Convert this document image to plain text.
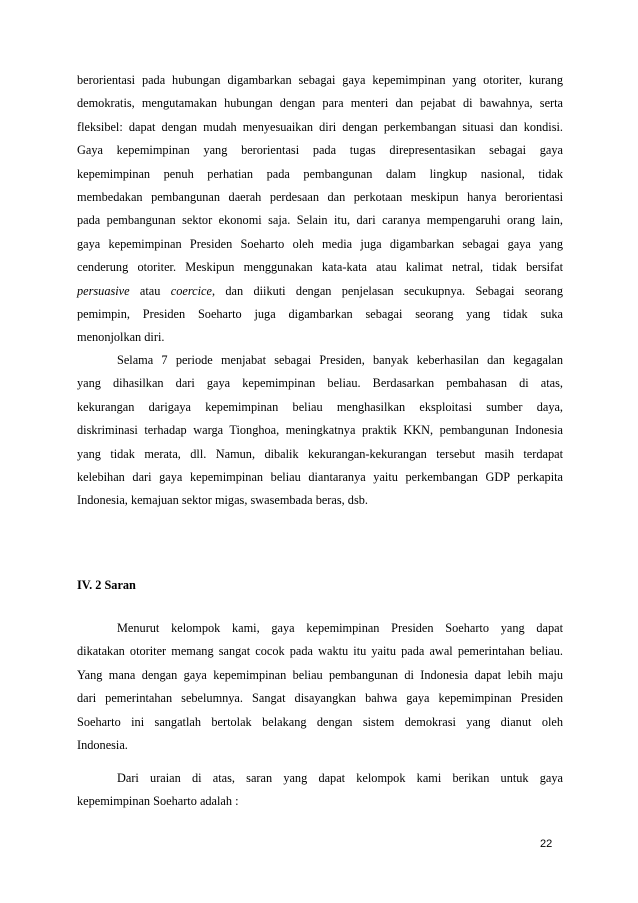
berorientasi pada hubungan digambarkan sebagai gaya kepemimpinan yang otoriter, kurang
demokratis, mengutamakan hubungan dengan para menteri dan pejabat di bawahnya, serta
fleksibel: dapat dengan mudah menyesuaikan diri dengan perkembangan situasi dan kondisi.
Gaya kepemimpinan yang berorientasi pada tugas direpresentasikan sebagai gaya
kepemimpinan penuh perhatian pada pembangunan dalam lingkup nasional, tidak
membedakan pembangunan daerah perdesaan dan perkotaan meskipun hanya berorientasi
pada pembangunan sektor ekonomi saja. Selain itu, dari caranya mempengaruhi orang lain,
gaya kepemimpinan Presiden Soeharto oleh media juga digambarkan sebagai gaya yang
cenderung otoriter. Meskipun menggunakan kata-kata atau kalimat netral, tidak bersifat
persuasive atau coercice, dan diikuti dengan penjelasan secukupnya. Sebagai seorang
pemimpin, Presiden Soeharto juga digambarkan sebagai seorang yang tidak suka
menonjolkan diri.
Selama 7 periode menjabat sebagai Presiden, banyak keberhasilan dan kegagalan
yang dihasilkan dari gaya kepemimpinan beliau. Berdasarkan pembahasan di atas,
kekurangan darigaya kepemimpinan beliau menghasilkan eksploitasi sumber daya,
diskriminasi terhadap warga Tionghoa, meningkatnya praktik KKN, pembangunan Indonesia
yang tidak merata, dll. Namun, dibalik kekurangan-kekurangan tersebut masih terdapat
kelebihan dari gaya kepemimpinan beliau diantaranya yaitu perkembangan GDP perkapita
Indonesia, kemajuan sektor migas, swasembada beras, dsb.
IV. 2 Saran
Menurut kelompok kami, gaya kepemimpinan Presiden Soeharto yang dapat
dikatakan otoriter memang sangat cocok pada waktu itu yaitu pada awal pemerintahan beliau.
Yang mana dengan gaya kepemimpinan beliau pembangunan di Indonesia dapat lebih maju
dari pemerintahan sebelumnya. Sangat disayangkan bahwa gaya kepemimpinan Presiden
Soeharto ini sangatlah bertolak belakang dengan sistem demokrasi yang dianut oleh
Indonesia.
Dari uraian di atas, saran yang dapat kelompok kami berikan untuk gaya
kepemimpinan Soeharto adalah :
22
